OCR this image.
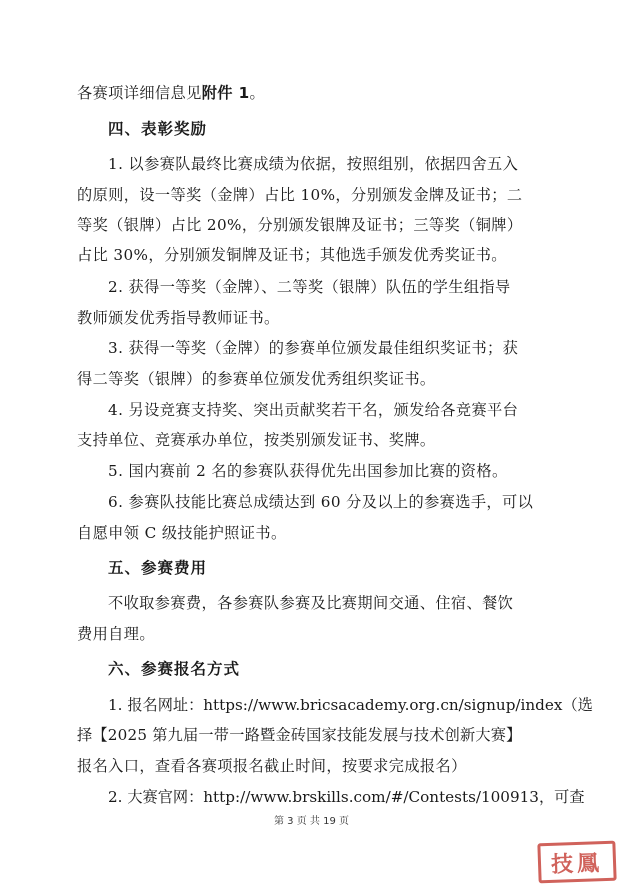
各赛项详细信息见附件 1。
四、表彰奖励
1. 以参赛队最终比赛成绩为依据，按照组别，依据四舍五入
的原则，设一等奖（金牌）占比 10%，分别颁发金牌及证书；二
等奖（银牌）占比 20%，分别颁发银牌及证书；三等奖（铜牌）
占比 30%，分别颁发铜牌及证书；其他选手颁发优秀奖证书。
2. 获得一等奖（金牌）、二等奖（银牌）队伍的学生组指导
教师颁发优秀指导教师证书。
3. 获得一等奖（金牌）的参赛单位颁发最佳组织奖证书；获
得二等奖（银牌）的参赛单位颁发优秀组织奖证书。
4. 另设竞赛支持奖、突出贡献奖若干名，颁发给各竞赛平台
支持单位、竞赛承办单位，按类别颁发证书、奖牌。
5. 国内赛前 2 名的参赛队获得优先出国参加比赛的资格。
6. 参赛队技能比赛总成绩达到 60 分及以上的参赛选手，可以
自愿申领 C 级技能护照证书。
五、参赛费用
不收取参赛费，各参赛队参赛及比赛期间交通、住宿、餐饮
费用自理。
六、参赛报名方式
1. 报名网址：https://www.bricsacademy.org.cn/signup/index（选
择【2025 第九届一带一路暨金砖国家技能发展与技术创新大赛】
报名入口，查看各赛项报名截止时间，按要求完成报名）
2. 大赛官网：http://www.brskills.com/#/Contests/100913，可查
第 3 页 共 19 页
技鳳
